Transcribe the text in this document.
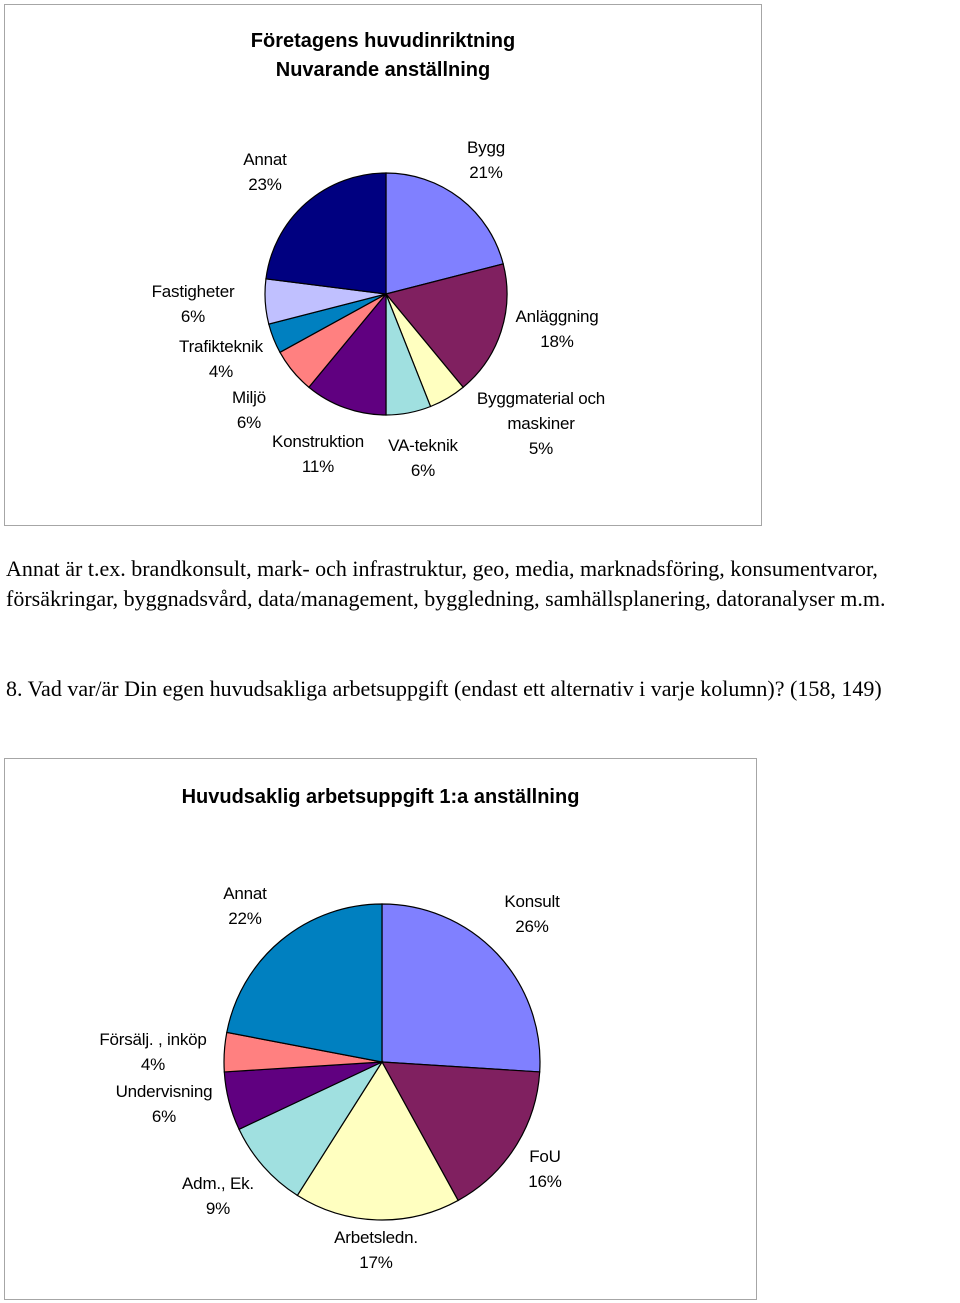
Företagens huvudinriktning
Nuvarande anställning
Bygg
21%
Anläggning
18%
Byggmaterial och
maskiner
5%
VA-teknik
6%
Konstruktion
11%
Miljö
6%
Trafikteknik
4%
Fastigheter
6%
Annat
23%
Annat är t.ex. brandkonsult, mark- och infrastruktur, geo, media, marknadsföring, konsumentvaror, försäkringar, byggnadsvård, data/management, byggledning, samhällsplanering, datoranalyser m.m.
8. Vad var/är Din egen huvudsakliga arbetsuppgift (endast ett alternativ i varje kolumn)? (158, 149)
Huvudsaklig arbetsuppgift 1:a anställning
Konsult
26%
FoU
16%
Arbetsledn.
17%
Adm., Ek.
9%
Undervisning
6%
Försälj. , inköp
4%
Annat
22%
